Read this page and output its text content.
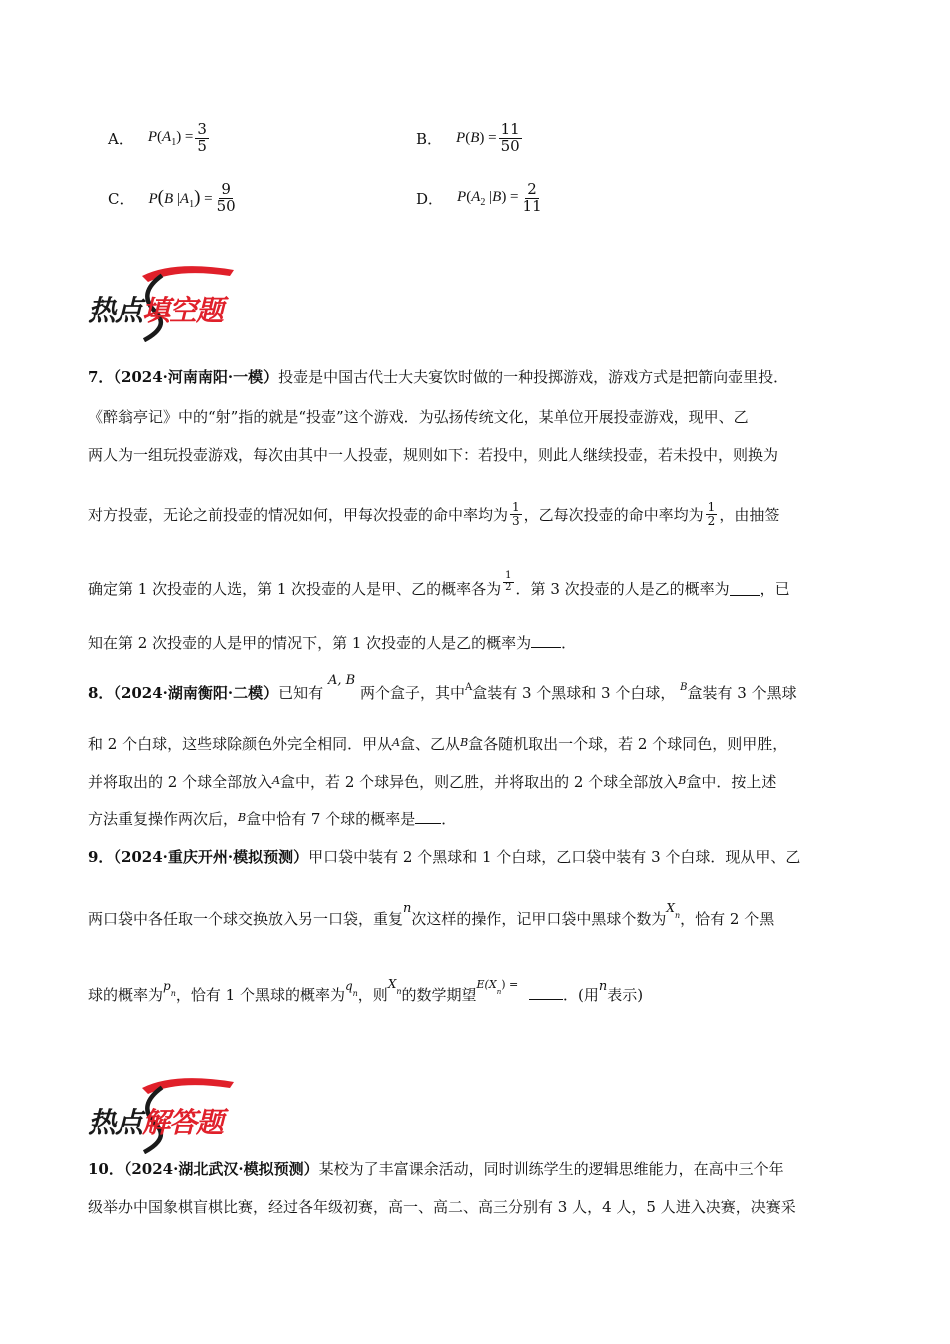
A． $P(A_1) = \frac{3}{5}$	B． $P(B) = \frac{11}{50}$
C． P(B $|A_1) = \frac{9}{50}$	D． $P(A_2$ $|B) = \frac{2}{11}$
热点 填空题
7．（2024·河南南阳·一模）投壶是中国古代士大夫宴饮时做的一种投掷游戏，游戏方式是把箭向壶里投．
《醉翁亭记》中的“射”指的就是“投壶”这个游戏．为弘扬传统文化，某单位开展投壶游戏，现甲、乙
两人为一组玩投壶游戏，每次由其中一人投壶，规则如下：若投中，则此人继续投壶，若未投中，则换为
对方投壶，无论之前投壶的情况如何，甲每次投壶的命中率均为 $\frac{1}{3}$ ，乙每次投壶的命中率均为 $\frac{1}{2}$ ，由抽签
确定第 1 次投壶的人选，第 1 次投壶的人是甲、乙的概率各为 $\frac{1}{2}$ ．第 3 次投壶的人是乙的概率为 ，已
知在第 2 次投壶的人是甲的情况下，第 1 次投壶的人是乙的概率为 ．
8．（2024·湖南衡阳·二模）已知有 A, B 两个盒子，其中$^A$盒装有 3 个黑球和 3 个白球， $^B$盒装有 3 个黑球
和 2 个白球，这些球除颜色外完全相同．甲从$^A$盒、乙从$^B$盒各随机取出一个球，若 2 个球同色，则甲胜，
并将取出的 2 个球全部放入$^A$盒中，若 2 个球异色，则乙胜，并将取出的 2 个球全部放入$^B$盒中．按上述
方法重复操作两次后，$^B$盒中恰有 7 个球的概率是 ．
9．（2024·重庆开州·模拟预测）甲口袋中装有 2 个黑球和 1 个白球，乙口袋中装有 3 个白球．现从甲、乙
两口袋中各任取一个球交换放入另一口袋，重复n次这样的操作，记甲口袋中黑球个数为$^X_n$，恰有 2 个黑
球的概率为$^p_n$，恰有 1 个黑球的概率为$^q_n$，则$^X_n$的数学期望$^{E(X}_n$) = ．(用n表示)
热点 解答题
10．（2024·湖北武汉·模拟预测）某校为了丰富课余活动，同时训练学生的逻辑思维能力，在高中三个年
级举办中国象棋盲棋比赛，经过各年级初赛，高一、高二、高三分别有 3 人，4 人，5 人进入决赛，决赛采
